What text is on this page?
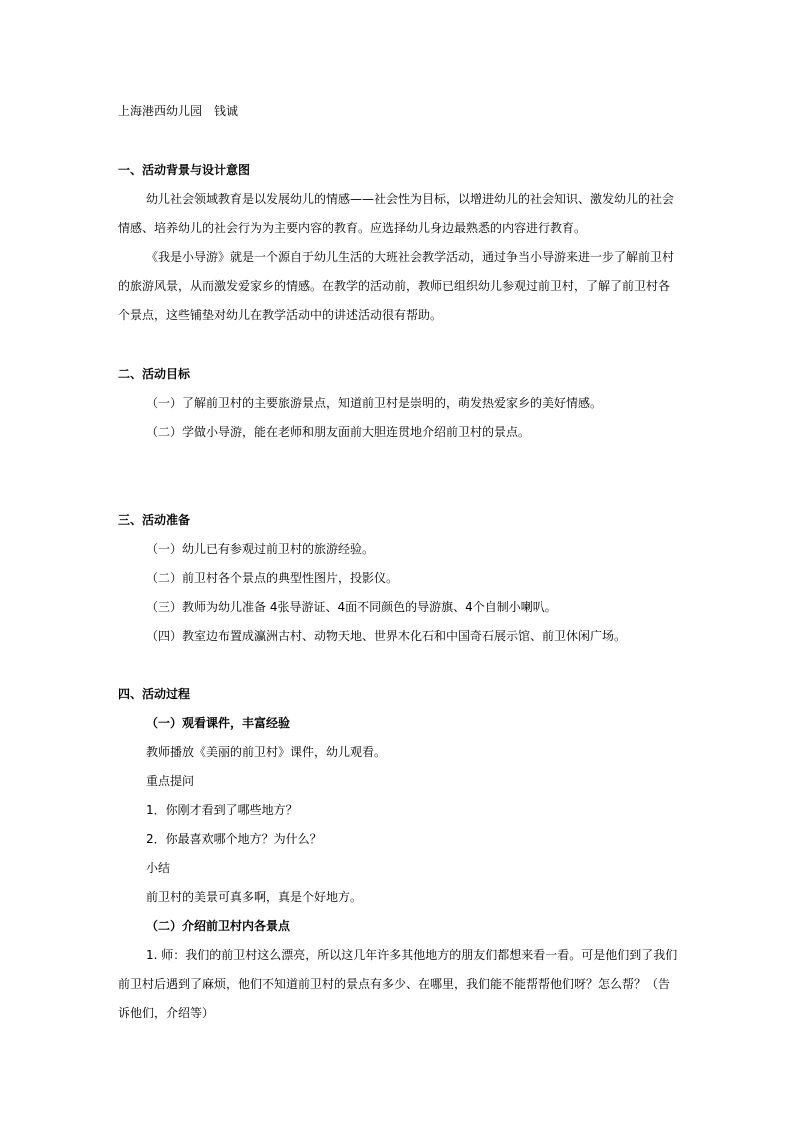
上海港西幼儿园　钱诚
一、活动背景与设计意图
幼儿社会领域教育是以发展幼儿的情感——社会性为目标，以增进幼儿的社会知识、激发幼儿的社会
情感、培养幼儿的社会行为为主要内容的教育。应选择幼儿身边最熟悉的内容进行教育。
《我是小导游》就是一个源自于幼儿生活的大班社会教学活动，通过争当小导游来进一步了解前卫村
的旅游风景，从而激发爱家乡的情感。在教学的活动前，教师已组织幼儿参观过前卫村，了解了前卫村各
个景点，这些铺垫对幼儿在教学活动中的讲述活动很有帮助。
二、活动目标
（一）了解前卫村的主要旅游景点，知道前卫村是崇明的，萌发热爱家乡的美好情感。
（二）学做小导游，能在老师和朋友面前大胆连贯地介绍前卫村的景点。
三、活动准备
（一）幼儿已有参观过前卫村的旅游经验。
（二）前卫村各个景点的典型性图片，投影仪。
（三）教师为幼儿准备 4张导游证、4面不同颜色的导游旗、4个自制小喇叭。
（四）教室边布置成瀛洲古村、动物天地、世界木化石和中国奇石展示馆、前卫休闲广场。
四、活动过程
（一）观看课件，丰富经验
教师播放《美丽的前卫村》课件，幼儿观看。
重点提问
1．你刚才看到了哪些地方？
2．你最喜欢哪个地方？为什么？
小结
前卫村的美景可真多啊，真是个好地方。
（二）介绍前卫村内各景点
1. 师：我们的前卫村这么漂亮，所以这几年许多其他地方的朋友们都想来看一看。可是他们到了我们
前卫村后遇到了麻烦，他们不知道前卫村的景点有多少、在哪里，我们能不能帮帮他们呀？怎么帮？（告
诉他们，介绍等）
